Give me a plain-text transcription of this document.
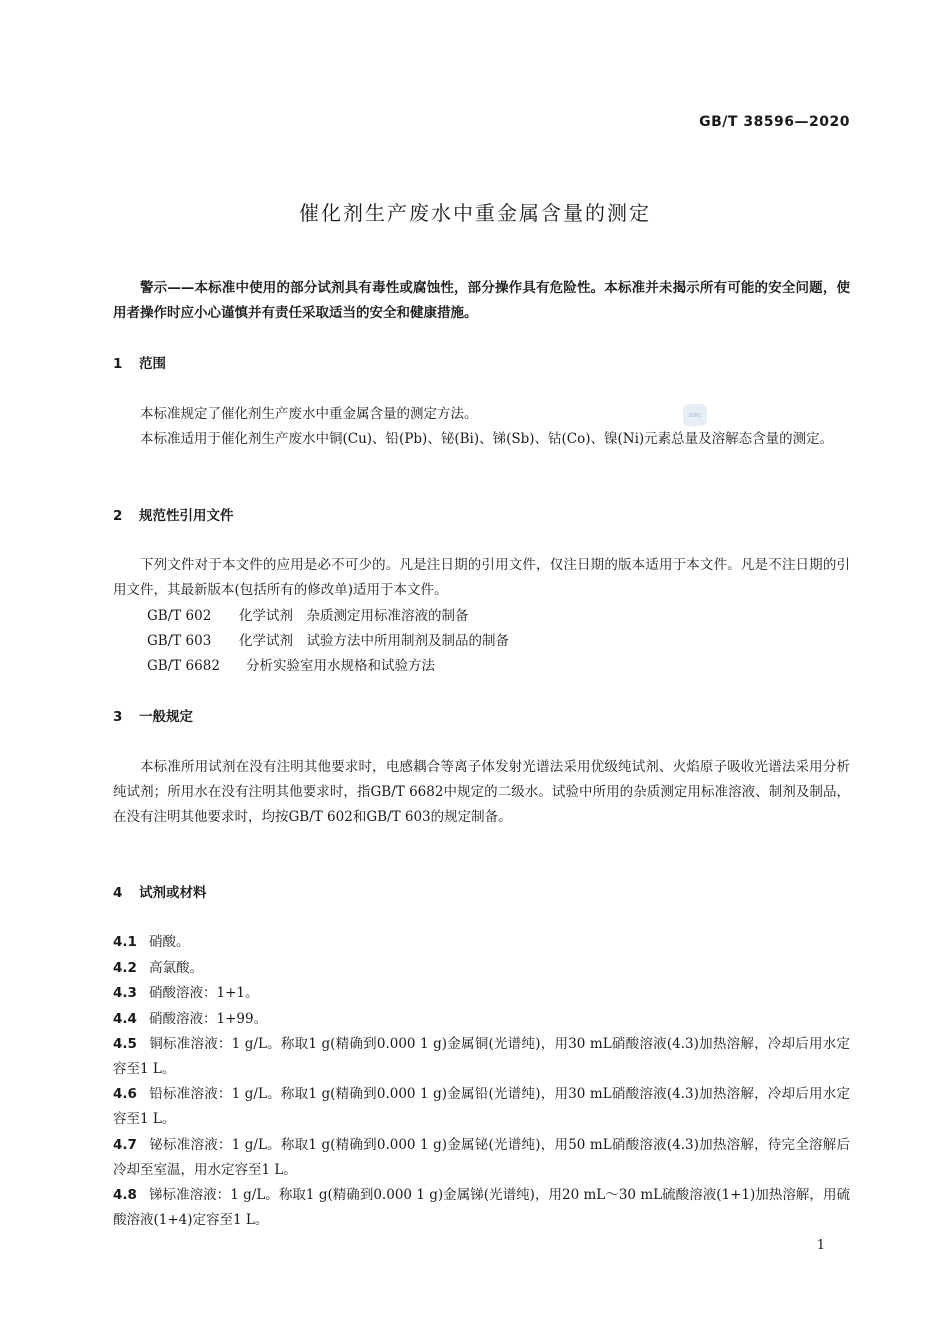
GB/T 38596—2020
催化剂生产废水中重金属含量的测定
警示——本标准中使用的部分试剂具有毒性或腐蚀性，部分操作具有危险性。本标准并未揭示所有可能的安全问题，使用者操作时应小心谨慎并有责任采取适当的安全和健康措施。
1 范围
本标准规定了催化剂生产废水中重金属含量的测定方法。	sac
本标准适用于催化剂生产废水中铜(Cu)、铅(Pb)、铋(Bi)、锑(Sb)、钴(Co)、镍(Ni)元素总量及溶解态含量的测定。
2 规范性引用文件
下列文件对于本文件的应用是必不可少的。凡是注日期的引用文件，仅注日期的版本适用于本文件。凡是不注日期的引用文件，其最新版本(包括所有的修改单)适用于本文件。
GB/T 602 化学试剂　杂质测定用标准溶液的制备
GB/T 603 化学试剂　试验方法中所用制剂及制品的制备
GB/T 6682 分析实验室用水规格和试验方法
3 一般规定
本标准所用试剂在没有注明其他要求时，电感耦合等离子体发射光谱法采用优级纯试剂、火焰原子吸收光谱法采用分析纯试剂；所用水在没有注明其他要求时，指GB/T 6682中规定的二级水。试验中所用的杂质测定用标准溶液、制剂及制品，在没有注明其他要求时，均按GB/T 602和GB/T 603的规定制备。
4 试剂或材料
4.1 硝酸。
4.2 高氯酸。
4.3 硝酸溶液：1+1。
4.4 硝酸溶液：1+99。
4.5 铜标准溶液：1 g/L。称取1 g(精确到0.000 1 g)金属铜(光谱纯)，用30 mL硝酸溶液(4.3)加热溶解，冷却后用水定容至1 L。
4.6 铅标准溶液：1 g/L。称取1 g(精确到0.000 1 g)金属铅(光谱纯)，用30 mL硝酸溶液(4.3)加热溶解，冷却后用水定容至1 L。
4.7 铋标准溶液：1 g/L。称取1 g(精确到0.000 1 g)金属铋(光谱纯)，用50 mL硝酸溶液(4.3)加热溶解，待完全溶解后冷却至室温，用水定容至1 L。
4.8 锑标准溶液：1 g/L。称取1 g(精确到0.000 1 g)金属锑(光谱纯)，用20 mL～30 mL硫酸溶液(1+1)加热溶解，用硫酸溶液(1+4)定容至1 L。
1
